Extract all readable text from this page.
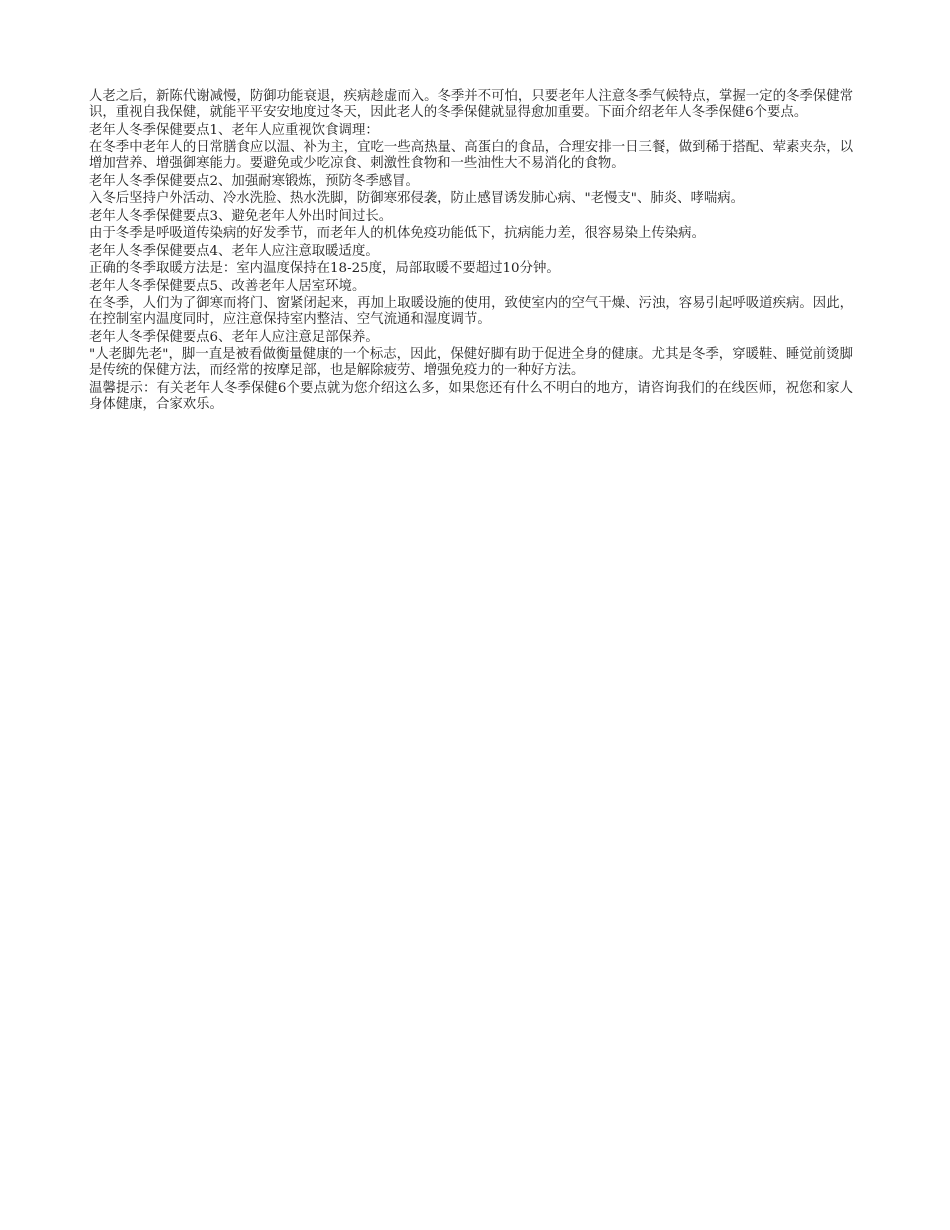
人老之后，新陈代谢减慢，防御功能衰退，疾病趁虚而入。冬季并不可怕，只要老年人注意冬季气候特点，掌握一定的冬季保健常识，重视自我保健，就能平平安安地度过冬天，因此老人的冬季保健就显得愈加重要。下面介绍老年人冬季保健6个要点。

老年人冬季保健要点1、老年人应重视饮食调理：

在冬季中老年人的日常膳食应以温、补为主，宜吃一些高热量、高蛋白的食品，合理安排一日三餐，做到稀于搭配、荤素夹杂，以增加营养、增强御寒能力。要避免或少吃凉食、刺激性食物和一些油性大不易消化的食物。

老年人冬季保健要点2、加强耐寒锻炼，预防冬季感冒。

入冬后坚持户外活动、冷水洗脸、热水洗脚，防御寒邪侵袭，防止感冒诱发肺心病、"老慢支"、肺炎、哮喘病。

老年人冬季保健要点3、避免老年人外出时间过长。

由于冬季是呼吸道传染病的好发季节，而老年人的机体免疫功能低下，抗病能力差，很容易染上传染病。

老年人冬季保健要点4、老年人应注意取暖适度。

正确的冬季取暖方法是：室内温度保持在18-25度，局部取暖不要超过10分钟。

老年人冬季保健要点5、改善老年人居室环境。

在冬季，人们为了御寒而将门、窗紧闭起来，再加上取暖设施的使用，致使室内的空气干燥、污浊，容易引起呼吸道疾病。因此，在控制室内温度同时，应注意保持室内整洁、空气流通和湿度调节。

老年人冬季保健要点6、老年人应注意足部保养。

"人老脚先老"，脚一直是被看做衡量健康的一个标志，因此，保健好脚有助于促进全身的健康。尤其是冬季，穿暖鞋、睡觉前烫脚是传统的保健方法，而经常的按摩足部，也是解除疲劳、增强免疫力的一种好方法。

温馨提示：有关老年人冬季保健6个要点就为您介绍这么多，如果您还有什么不明白的地方，请咨询我们的在线医师，祝您和家人身体健康，合家欢乐。
